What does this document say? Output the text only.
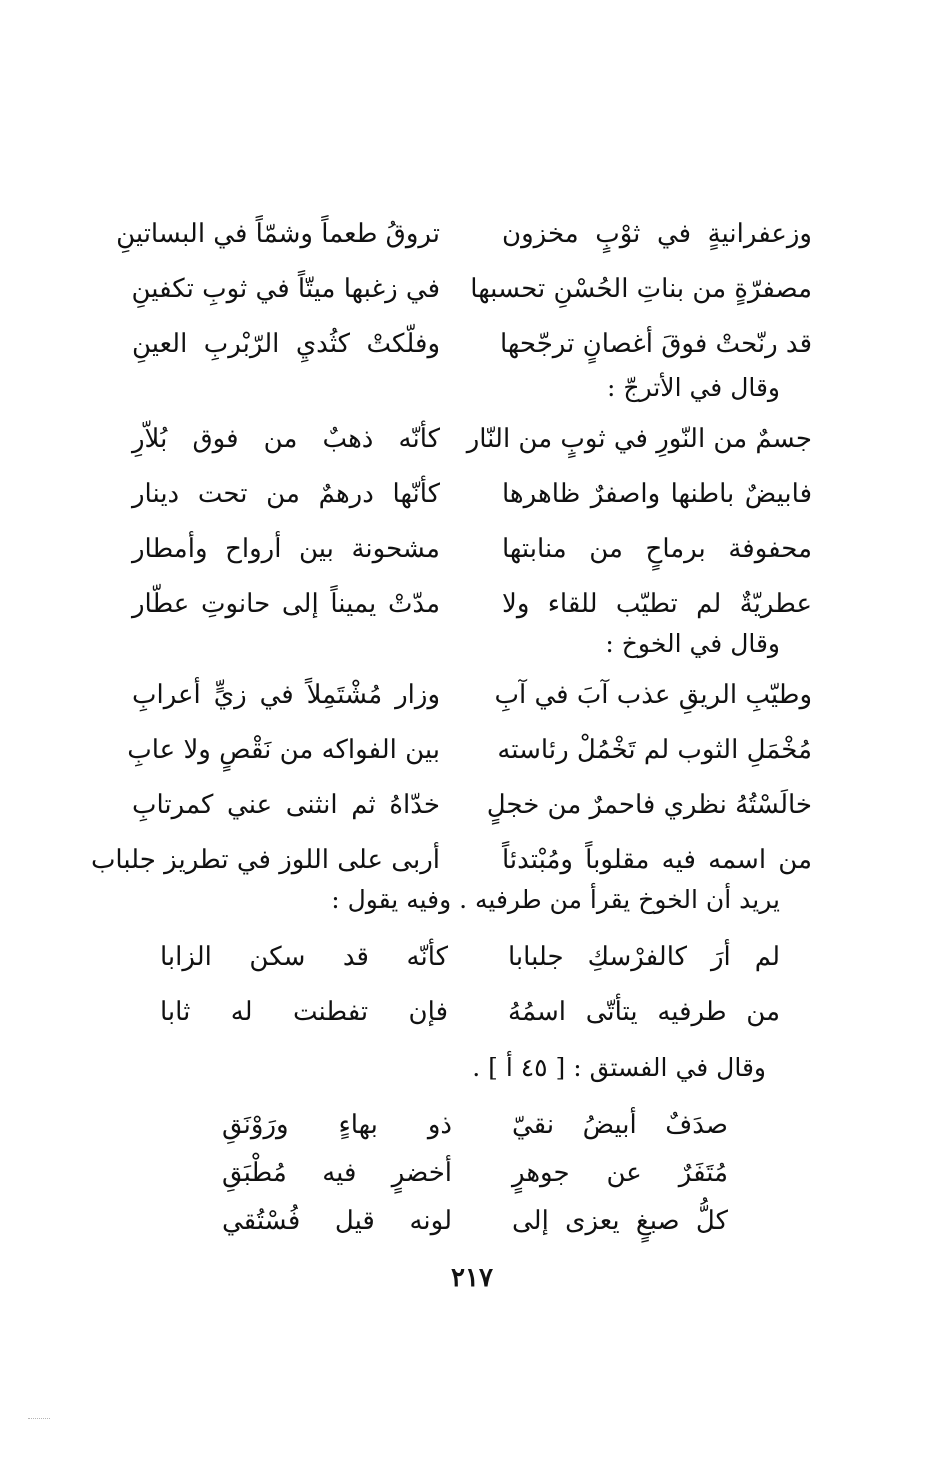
وزعفرانيةٍ في ثوْبٍ مخزون
تروقُ طعماً وشمّاً في البساتينِ
مصفرّةٍ من بناتِ الحُسْنِ تحسبها
في زغبها ميتّاً في ثوبِ تكفينِ
قد رنّحتْ فوقَ أغصانٍ ترجّحها
وفلّكتْ كثُديِ الرّبْربِ العينِ
وقال في الأترجّ :
جسمٌ من النّورِ في ثوبٍ من النّار
كأنّه ذهبٌ من فوق بُلاّرِ
فابيضٌ باطنها واصفرٌ ظاهرها
كأنّها درهمٌ من تحت دينار
محفوفة برماحٍ من منابتها
مشحونة بين أرواح وأمطار
عطريّةٌ لم تطيّب للقاء ولا
مدّتْ يميناً إلى حانوتِ عطّار
وقال في الخوخ :
وطيّبِ الريقِ عذب آبَ في آبِ
وزار مُشْتَمِلاً في زيٍّ أعرابِ
مُخْمَلِ الثوب لم تَخْمُلْ رئاسته
بين الفواكه من نَقْصٍ ولا عابِ
خالَسْتُهُ نظري فاحمرٌ من خجلٍ
خدّاهُ ثم انثنى عني كمرتابِ
من اسمه فيه مقلوباً ومُبْتدئاً
أربى على اللوز في تطريز جلباب
يريد أن الخوخ يقرأ من طرفيه . وفيه يقول :
لم أرَ كالفرْسكِ جلبابا
كأنّه قد سكن الزابا
من طرفيه يتأتّى اسمُهُ
فإن تفطنت له ثابا
وقال في الفستق : [ ٤٥ أ ] .
صدَفٌ أبيضُ نقيّ
ذو بهاءٍ ورَوْنَقِ
مُتَفَرٌ عن جوهرٍ
أخضرٍ فيه مُطْبَقِ
كلُّ صبغٍ يعزى إلى
لونه قيل فُسْتُقي
٢١٧
